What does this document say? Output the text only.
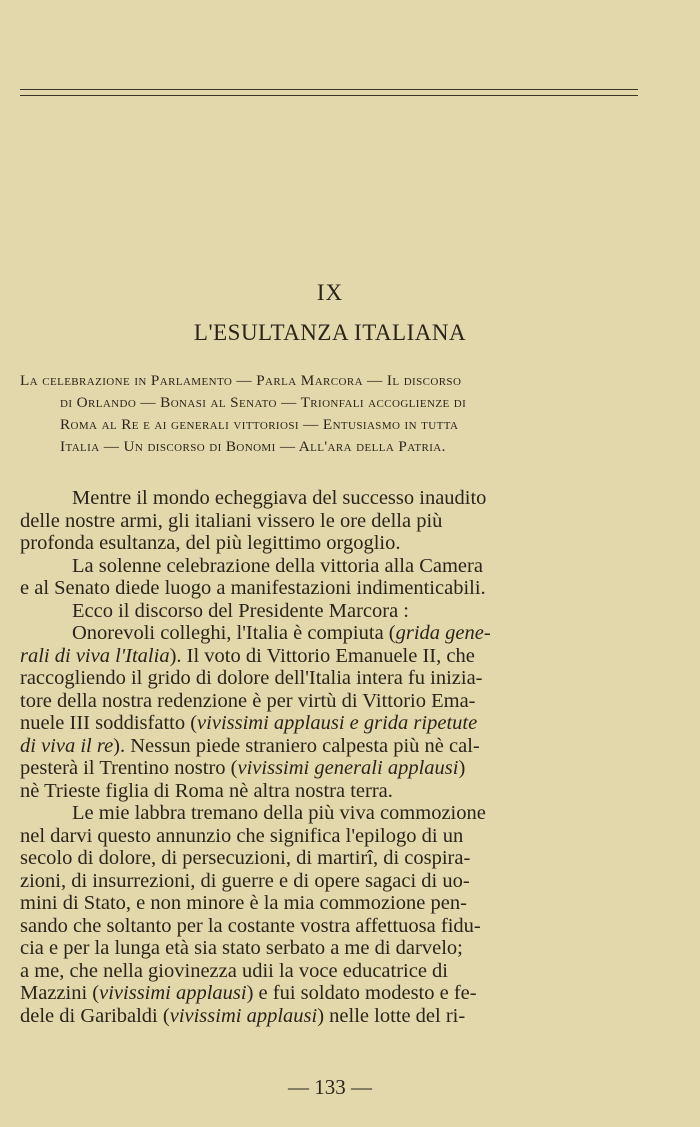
IX
L'ESULTANZA ITALIANA
La celebrazione in Parlamento — Parla Marcora — Il discorso
di Orlando — Bonasi al Senato — Trionfali accoglienze di
Roma al Re e ai generali vittoriosi — Entusiasmo in tutta
Italia — Un discorso di Bonomi — All'ara della Patria.
Mentre il mondo echeggiava del successo inaudito
delle nostre armi, gli italiani vissero le ore della più
profonda esultanza, del più legittimo orgoglio.
La solenne celebrazione della vittoria alla Camera
e al Senato diede luogo a manifestazioni indimenticabili.
Ecco il discorso del Presidente Marcora :
Onorevoli colleghi, l'Italia è compiuta (grida gene-
rali di viva l'Italia). Il voto di Vittorio Emanuele II, che
raccogliendo il grido di dolore dell'Italia intera fu inizia-
tore della nostra redenzione è per virtù di Vittorio Ema-
nuele III soddisfatto (vivissimi applausi e grida ripetute
di viva il re). Nessun piede straniero calpesta più nè cal-
pesterà il Trentino nostro (vivissimi generali applausi)
nè Trieste figlia di Roma nè altra nostra terra.
Le mie labbra tremano della più viva commozione
nel darvi questo annunzio che significa l'epilogo di un
secolo di dolore, di persecuzioni, di martirî, di cospira-
zioni, di insurrezioni, di guerre e di opere sagaci di uo-
mini di Stato, e non minore è la mia commozione pen-
sando che soltanto per la costante vostra affettuosa fidu-
cia e per la lunga età sia stato serbato a me di darvelo;
a me, che nella giovinezza udii la voce educatrice di
Mazzini (vivissimi applausi) e fui soldato modesto e fe-
dele di Garibaldi (vivissimi applausi) nelle lotte del ri-
— 133 —
